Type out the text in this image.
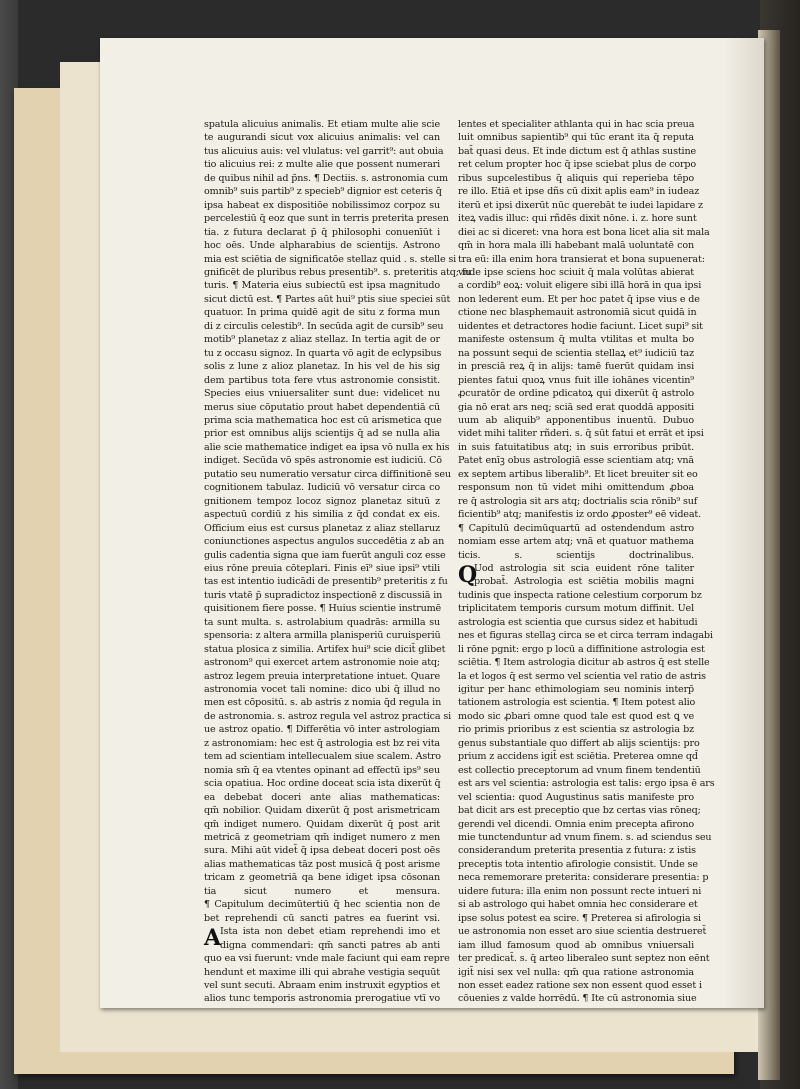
spatula alicuius animalis. Et etiam multe alie scie
te augurandi sicut vox alicuius animalis: vel can
tus alicuius auis: vel vlulatus: vel garrit⁹: aut obuia
tio alicuius rei: z multe alie que possent numerari
de quibus nihil ad p̄ns. ¶ Dectiis. s. astronomia cum
omnib⁹ suis partib⁹ z specieb⁹ dignior est ceteris q̄
ipsa habeat ex dispositiōe nobilissimoz corpoz su
percelestiū q̄ eoz que sunt in terris preterita presen
tia. z futura declarat p̄ q̄ philosophi conuenīūt i
hoc oēs. Unde alpharabius de scientijs. Astrono
mia est sciētia de significatōe stellaz quid . s. stelle si
gnificēt de pluribus rebus presentib⁹. s. preteritis atq; fu
turis. ¶ Materia eius subiectū est ipsa magnitudo
sicut dictū est. ¶ Partes aūt hui⁹ ptis siue speciei sūt
quatuor. In prima quidē agit de situ z forma mun
di z circulis celestib⁹. In secūda agit de cursib⁹ seu
motib⁹ planetaz z aliaz stellaz. In tertia agit de or
tu z occasu signoz. In quarta vō agit de eclypsibus
solis z lune z alioz planetaz. In his vel de his sig
dem partibus tota fere vtus astronomie consistit.
Species eius vniuersaliter sunt due: videlicet nu
merus siue cōputatio prout habet dependentiā cū
prima scia mathematica hoc est cū arismetica que
prior est omnibus alijs scientijs q̄ ad se nulla alia
alie scie mathematice indiget ea ipsa vō nulla ex his
indiget. Secūda vō spēs astronomie est iudiciū. Cō
putatio seu numeratio versatur circa diffinitionē seu
cognitionem tabulaz. Iudiciū vō versatur circa co
gnitionem tempoz locoz signoz planetaz situū z
aspectuū cordiū z his similia z q̄d condat ex eis.
Officium eius est cursus planetaz z aliaz stellaruz
coniunctiones aspectus angulos succedētia z ab an
gulis cadentia signa que iam fuerūt anguli coz esse
eius rōne preuia cōteplari. Finis eī⁹ siue ipsi⁹ vtili
tas est intentio iudicādi de presentib⁹ preteritis z fu
turis vtatē p̄ supradictoz inspectionē z discussiā in
quisitionem fiere posse. ¶ Huius scientie instrumē
ta sunt multa. s. astrolabium quadrās: armilla su
spensoria: z altera armilla planisperiū curuisperiū
statua plosica z similia. Artifex hui⁹ scie dicit̄ glibet
astronom⁹ qui exercet artem astronomie noie atq;
astroz legem preuia interpretatione intuet. Quare
astronomia vocet tali nomine: dico ubi q̄ illud no
men est cōpositū. s. ab astris z nomia q̄d regula in
de astronomia. s. astroz regula vel astroz practica si
ue astroz opatio. ¶ Differētia vō inter astrologiam
z astronomiam: hec est q̄ astrologia est bz rei vita
tem ad scientiam intellecualem siue scalem. Astro
nomia sm̄ q̄ ea vtentes opinant ad effectū ips⁹ seu
scia opatiua. Hoc ordine doceat scia ista dixerūt q̄
ea debebat doceri ante alias mathematicas:
qm̄ nobilior. Quidam dixerūt q̄ post arismetricam
qm̄ indiget numero. Quidam dixerūt q̄ post arit
metricā z geometriam qm̄ indiget numero z men
sura. Mihi aūt videt̄ q̄ ipsa debeat doceri post oēs
alias mathematicas tāz post musicā q̄ post arisme
tricam z geometriā qa bene idiget ipsa cōsonan
tia sicut numero et mensura.
¶ Capitulum decimūtertiū q̄ hec scientia non de
bet reprehendi cū sancti patres ea fuerint vsi.
A Ista ista non debet etiam reprehendi imo et
digna commendari: qm̄ sancti patres ab anti
quo ea vsi fuerunt: vnde male faciunt qui eam repre
hendunt et maxime illi qui abrahe vestigia sequūt
vel sunt secuti. Abraam enim instruxit egyptios et
alios tunc temporis astronomia prerogatiue vtī vo
lentes et specialiter athlanta qui in hac scia preua
luit omnibus sapientib⁹ qui tūc erant ita q̄ reputa
bat̄ quasi deus. Et inde dictum est q̄ athlas sustine
ret celum propter hoc q̄ ipse sciebat plus de corpo
ribus supcelestibus q̄ aliquis qui reperieba tēpo
re illo. Etiā et ipse dñs cū dixit aplis eam⁹ in iudeaz
iterū et ipsi dixerūt nūc querebāt te iudei lapidare z
iteꝝ vadis illuc: qui rñdēs dixit nōne. i. z. hore sunt
diei ac si diceret: vna hora est bona licet alia sit mala
qm̄ in hora mala illi habebant malā uoluntatē con
tra eū: illa enim hora transierat et bona supuenerat:
vnde ipse sciens hoc sciuit q̄ mala volūtas abierat
a cordib⁹ eoꝝ: voluit eligere sibi illā horā in qua ipsi
non lederent eum. Et per hoc patet q̄ ipse vius e de
ctione nec blasphemauit astronomiā sicut quidā in
uidentes et detractores hodie faciunt. Licet supi⁹ sit
manifeste ostensum q̄ multa vtilitas et multa bo
na possunt sequi de scientia stellaꝝ et⁹ iudiciū taz
in presciā reꝝ q̄ in alijs: tamē fuerūt quidam insi
pientes fatui quoꝝ vnus fuit ille iohānes vicentin⁹
ꝓcuratōr de ordine pdicatoꝝ qui dixerūt q̄ astrolo
gia nō erat ars neq; sciā sed erat quoddā appositi
uum ab aliquib⁹ apponentibus inuentū. Dubuo
videt mihi taliter rñderi. s. q̄ sūt fatui et errāt et ipsi
in suis fatuitatibus atq; in suis erroribus pribūt.
Patet enīꝫ obus astrologiā esse scientiam atq; vnā
ex septem artibus liberalib⁹. Et licet breuiter sit eo
responsum non tū videt mihi omittendum ꝓboa
re q̄ astrologia sit ars atq; doctrialis scia rōnib⁹ suf
ficientib⁹ atq; manifestis iz ordo ꝓposter⁹ eē videat.
¶ Capitulū decimūquartū ad ostendendum astro
nomiam esse artem atq; vnā et quatuor mathema
ticis. s. scientijs doctrinalibus.
Q
Uod astrologia sit scia euident rōne taliter
probat̄. Astrologia est sciētia mobilis magni
tudinis que inspecta ratione celestium corporum bz
triplicitatem temporis cursum motum diffinit. Uel
astrologia est scientia que cursus sidez et habitudi
nes et figuras stellaꝫ circa se et circa terram indagabi
li rōne pgnit: ergo p locū a diffinitione astrologia est
sciētia. ¶ Item astrologia dicitur ab astros q̄ est stelle
la et logos q̄ est sermo vel scientia vel ratio de astris
igitur per hanc ethimologiam seu nominis interp̄
tationem astrologia est scientia. ¶ Item potest alio
modo sic ꝓbari omne quod tale est quod est ꝗ ve
rio primis prioribus z est scientia sz astrologia bz
genus substantiale quo differt ab alijs scientijs: pro
prium z accidens igit̄ est sciētia. Preterea omne qd̄
est collectio preceptorum ad vnum finem tendentiū
est ars vel scientia: astrologia est talis: ergo ipsa ē ars
vel scientia: quod Augustinus satis manifeste pro
bat dicit ars est preceptio que bz certas vias rōneq;
gerendi vel dicendi. Omnia enim precepta afirono
mie tunctenduntur ad vnum finem. s. ad sciendus seu
considerandum preterita presentia z futura: z istis
preceptis tota intentio afirologie consistit. Unde se
neca rememorare preterita: considerare presentia: p
uidere futura: illa enim non possunt recte intueri ni
si ab astrologo qui habet omnia hec considerare et
ipse solus potest ea scire. ¶ Preterea si afirologia si
ue astronomia non esset aro siue scientia destrueret̄
iam illud famosum quod ab omnibus vniuersali
ter predicat̄. s. q̄ arteo liberaleo sunt septez non eēnt
igit̄ nisi sex vel nulla: qm̄ qua ratione astronomia
non esset eadez ratione sex non essent quod esset i
cōuenies z valde horrēdū. ¶ Ite cū astronomia siue
